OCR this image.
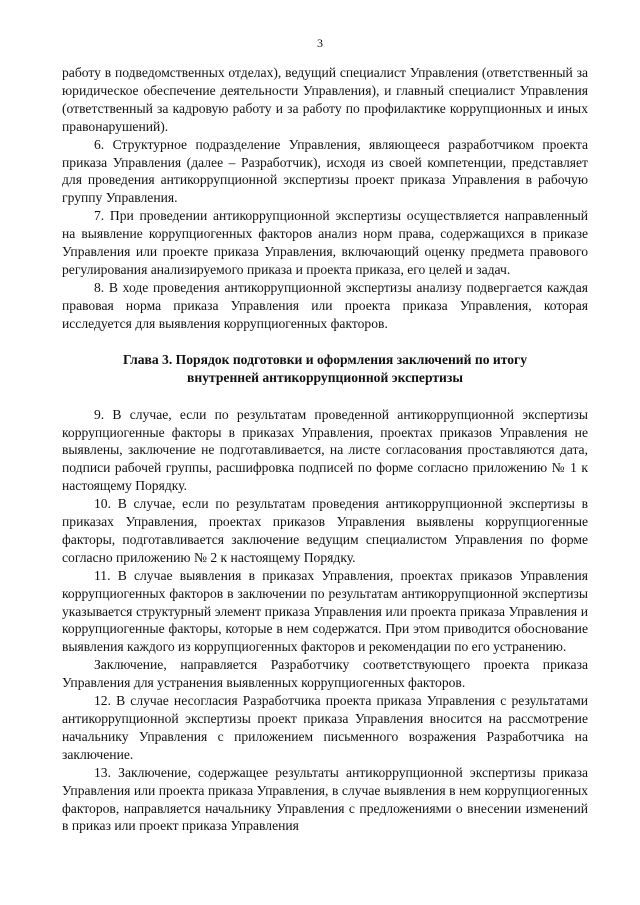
3

работу в подведомственных отделах), ведущий специалист Управления (ответственный за юридическое обеспечение деятельности Управления), и главный специалист Управления (ответственный за кадровую работу и за работу по профилактике коррупционных и иных правонарушений).

6. Структурное подразделение Управления, являющееся разработчиком проекта приказа Управления (далее – Разработчик), исходя из своей компетенции, представляет для проведения антикоррупционной экспертизы проект приказа Управления в рабочую группу Управления.

7. При проведении антикоррупционной экспертизы осуществляется направленный на выявление коррупциогенных факторов анализ норм права, содержащихся в приказе Управления или проекте приказа Управления, включающий оценку предмета правового регулирования анализируемого приказа и проекта приказа, его целей и задач.

8. В ходе проведения антикоррупционной экспертизы анализу подвергается каждая правовая норма приказа Управления или проекта приказа Управления, которая исследуется для выявления коррупциогенных факторов.

Глава 3. Порядок подготовки и оформления заключений по итогу внутренней антикоррупционной экспертизы

9. В случае, если по результатам проведенной антикоррупционной экспертизы коррупциогенные факторы в приказах Управления, проектах приказов Управления не выявлены, заключение не подготавливается, на листе согласования проставляются дата, подписи рабочей группы, расшифровка подписей по форме согласно приложению № 1 к настоящему Порядку.

10. В случае, если по результатам проведения антикоррупционной экспертизы в приказах Управления, проектах приказов Управления выявлены коррупциогенные факторы, подготавливается заключение ведущим специалистом Управления по форме согласно приложению № 2 к настоящему Порядку.

11. В случае выявления в приказах Управления, проектах приказов Управления коррупциогенных факторов в заключении по результатам антикоррупционной экспертизы указывается структурный элемент приказа Управления или проекта приказа Управления и коррупциогенные факторы, которые в нем содержатся. При этом приводится обоснование выявления каждого из коррупциогенных факторов и рекомендации по его устранению.

Заключение, направляется Разработчику соответствующего проекта приказа Управления для устранения выявленных коррупциогенных факторов.

12. В случае несогласия Разработчика проекта приказа Управления с результатами антикоррупционной экспертизы проект приказа Управления вносится на рассмотрение начальнику Управления с приложением письменного возражения Разработчика на заключение.

13. Заключение, содержащее результаты антикоррупционной экспертизы приказа Управления или проекта приказа Управления, в случае выявления в нем коррупциогенных факторов, направляется начальнику Управления с предложениями о внесении изменений в приказ или проект приказа Управления
